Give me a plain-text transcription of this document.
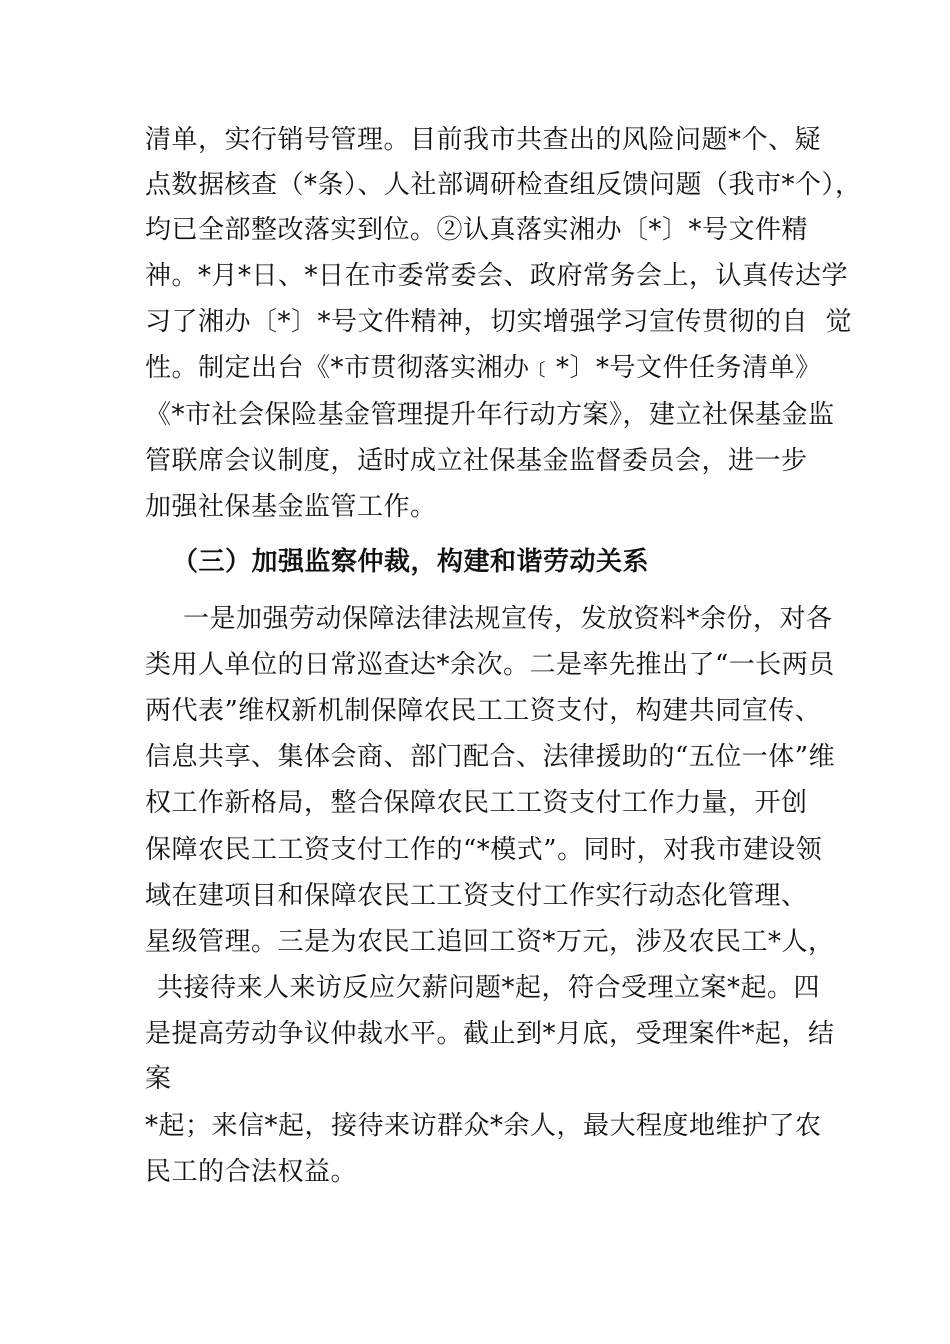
清单，实行销号管理。目前我市共查出的风险问题*个、疑
点数据核查（*条）、人社部调研检查组反馈问题（我市*个），
均已全部整改落实到位。②认真落实湘办〔*〕*号文件精
神。*月*日、*日在市委常委会、政府常务会上，认真传达学
习了湘办〔*〕*号文件精神，切实增强学习宣传贯彻的自  觉
性。制定出台《*市贯彻落实湘办﹝*〕*号文件任务清单》
《*市社会保险基金管理提升年行动方案》，建立社保基金监
管联席会议制度，适时成立社保基金监督委员会，进一步
加强社保基金监管工作。
（三）加强监察仲裁，构建和谐劳动关系
一是加强劳动保障法律法规宣传，发放资料*余份，对各
类用人单位的日常巡查达*余次。二是率先推出了“一长两员
两代表”维权新机制保障农民工工资支付，构建共同宣传、
信息共享、集体会商、部门配合、法律援助的“五位一体”维
权工作新格局，整合保障农民工工资支付工作力量，开创
保障农民工工资支付工作的“*模式”。同时，对我市建设领
域在建项目和保障农民工工资支付工作实行动态化管理、
星级管理。三是为农民工追回工资*万元，涉及农民工*人，
共接待来人来访反应欠薪问题*起，符合受理立案*起。四
是提高劳动争议仲裁水平。截止到*月底，受理案件*起，结
案
*起；来信*起，接待来访群众*余人，最大程度地维护了农
民工的合法权益。
